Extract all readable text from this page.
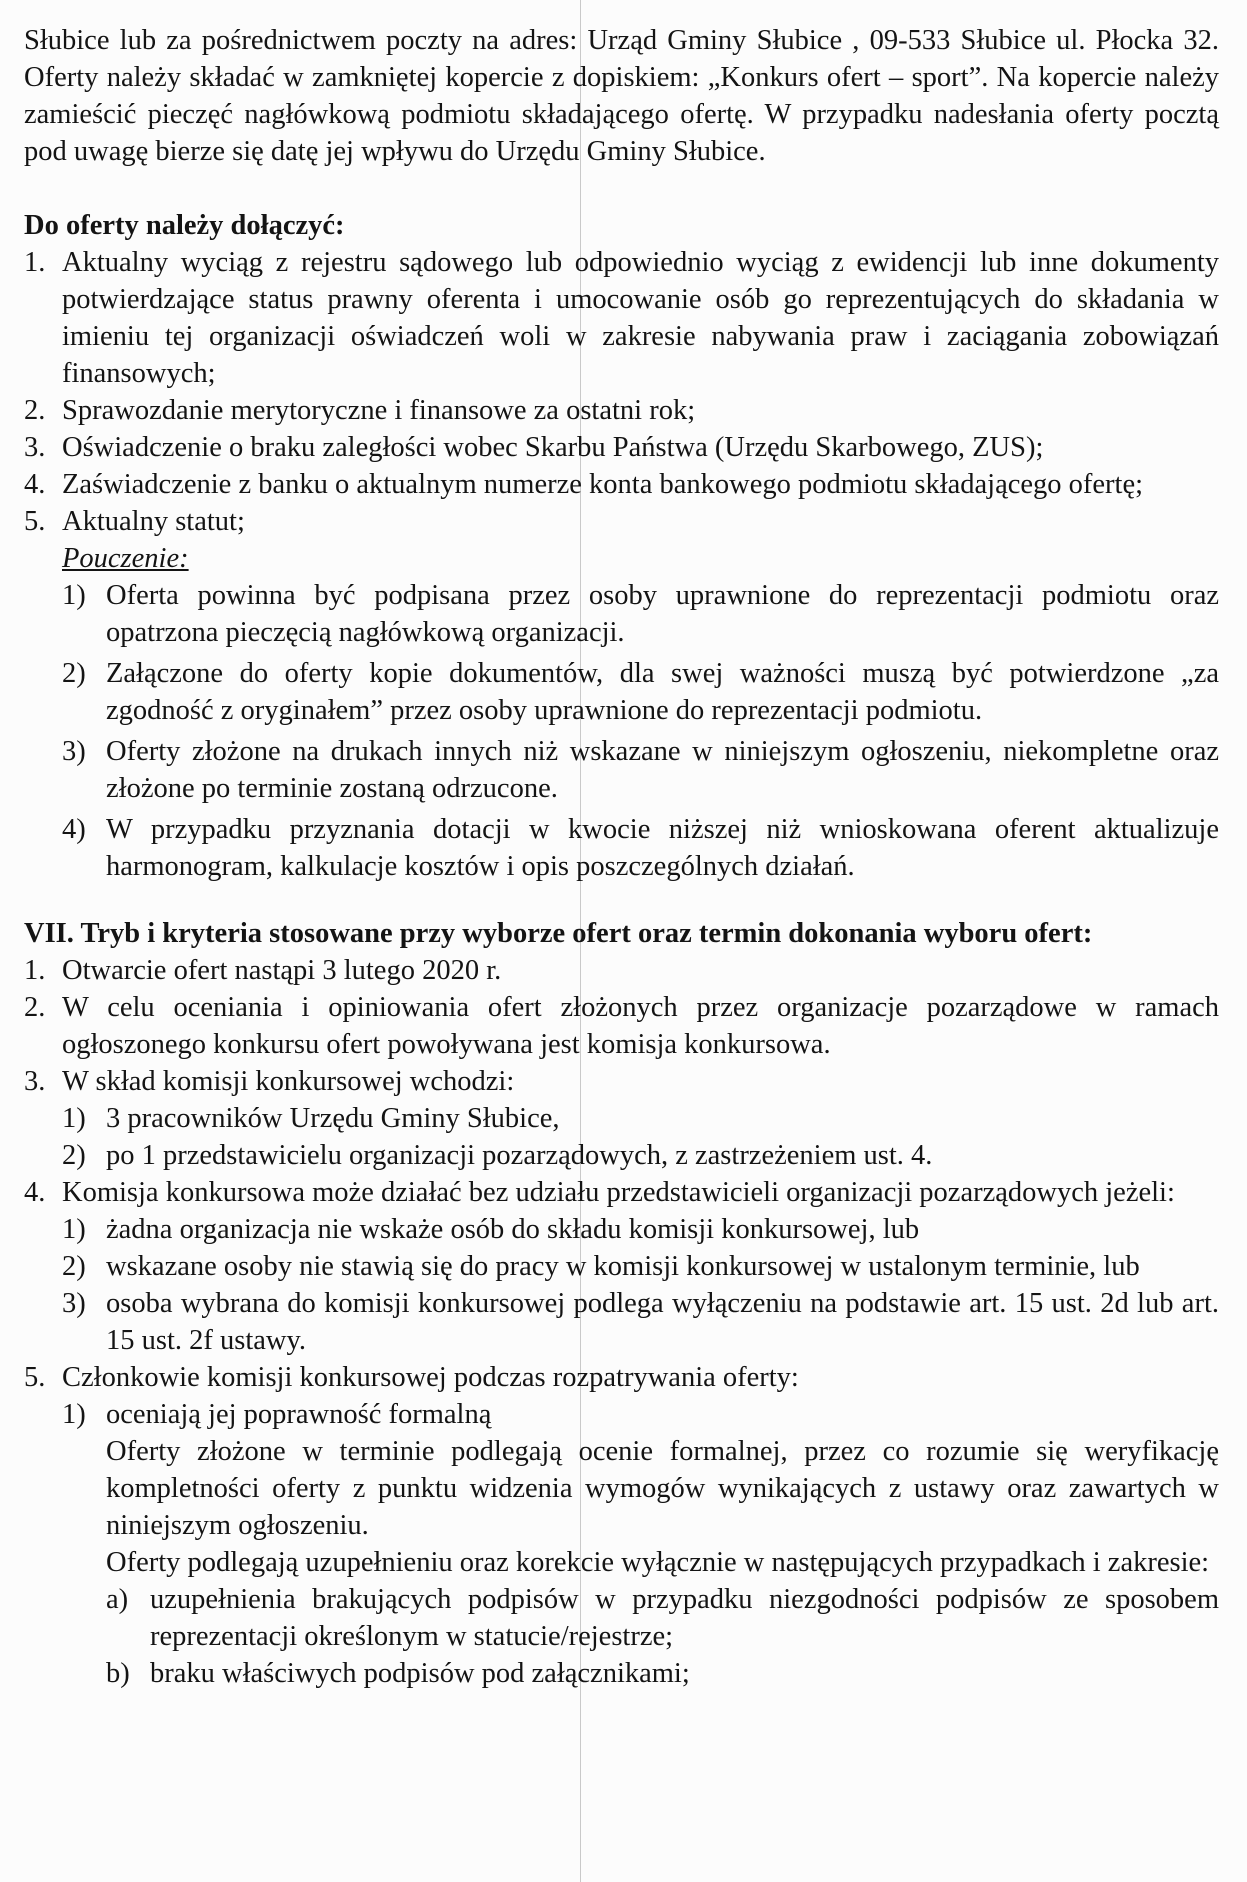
Słubice lub za pośrednictwem poczty na adres: Urząd Gminy Słubice , 09-533 Słubice ul. Płocka 32. Oferty należy składać w zamkniętej kopercie z dopiskiem: „Konkurs ofert – sport”. Na kopercie należy zamieścić pieczęć nagłówkową podmiotu składającego ofertę. W przypadku nadesłania oferty pocztą pod uwagę bierze się datę jej wpływu do Urzędu Gminy Słubice.

Do oferty należy dołączyć:

1. Aktualny wyciąg z rejestru sądowego lub odpowiednio wyciąg z ewidencji lub inne dokumenty potwierdzające status prawny oferenta i umocowanie osób go reprezentujących do składania w imieniu tej organizacji oświadczeń woli w zakresie nabywania praw i zaciągania zobowiązań finansowych;
2. Sprawozdanie merytoryczne i finansowe za ostatni rok;
3. Oświadczenie o braku zaległości wobec Skarbu Państwa (Urzędu Skarbowego, ZUS);
4. Zaświadczenie z banku o aktualnym numerze konta bankowego podmiotu składającego ofertę;
5. Aktualny statut;

Pouczenie:

1) Oferta powinna być podpisana przez osoby uprawnione do reprezentacji podmiotu oraz opatrzona pieczęcią nagłówkową organizacji.
2) Załączone do oferty kopie dokumentów, dla swej ważności muszą być potwierdzone „za zgodność z oryginałem” przez osoby uprawnione do reprezentacji podmiotu.
3) Oferty złożone na drukach innych niż wskazane w niniejszym ogłoszeniu, niekompletne oraz złożone po terminie zostaną odrzucone.
4) W przypadku przyznania dotacji w kwocie niższej niż wnioskowana oferent aktualizuje harmonogram, kalkulacje kosztów i opis poszczególnych działań.

VII. Tryb i kryteria stosowane przy wyborze ofert oraz termin dokonania wyboru ofert:

1. Otwarcie ofert nastąpi 3 lutego 2020 r.
2. W celu oceniania i opiniowania ofert złożonych przez organizacje pozarządowe w ramach ogłoszonego konkursu ofert powoływana jest komisja konkursowa.
3. W skład komisji konkursowej wchodzi:
1) 3 pracowników Urzędu Gminy Słubice,
2) po 1 przedstawicielu organizacji pozarządowych, z zastrzeżeniem ust. 4.
4. Komisja konkursowa może działać bez udziału przedstawicieli organizacji pozarządowych jeżeli:
1) żadna organizacja nie wskaże osób do składu komisji konkursowej, lub
2) wskazane osoby nie stawią się do pracy w komisji konkursowej w ustalonym terminie, lub
3) osoba wybrana do komisji konkursowej podlega wyłączeniu na podstawie art. 15 ust. 2d lub art. 15 ust. 2f ustawy.
5. Członkowie komisji konkursowej podczas rozpatrywania oferty:
1) oceniają jej poprawność formalną

Oferty złożone w terminie podlegają ocenie formalnej, przez co rozumie się weryfikację kompletności oferty z punktu widzenia wymogów wynikających z ustawy oraz zawartych w niniejszym ogłoszeniu.

Oferty podlegają uzupełnieniu oraz korekcie wyłącznie w następujących przypadkach i zakresie:

a) uzupełnienia brakujących podpisów w przypadku niezgodności podpisów ze sposobem reprezentacji określonym w statucie/rejestrze;
b) braku właściwych podpisów pod załącznikami;
